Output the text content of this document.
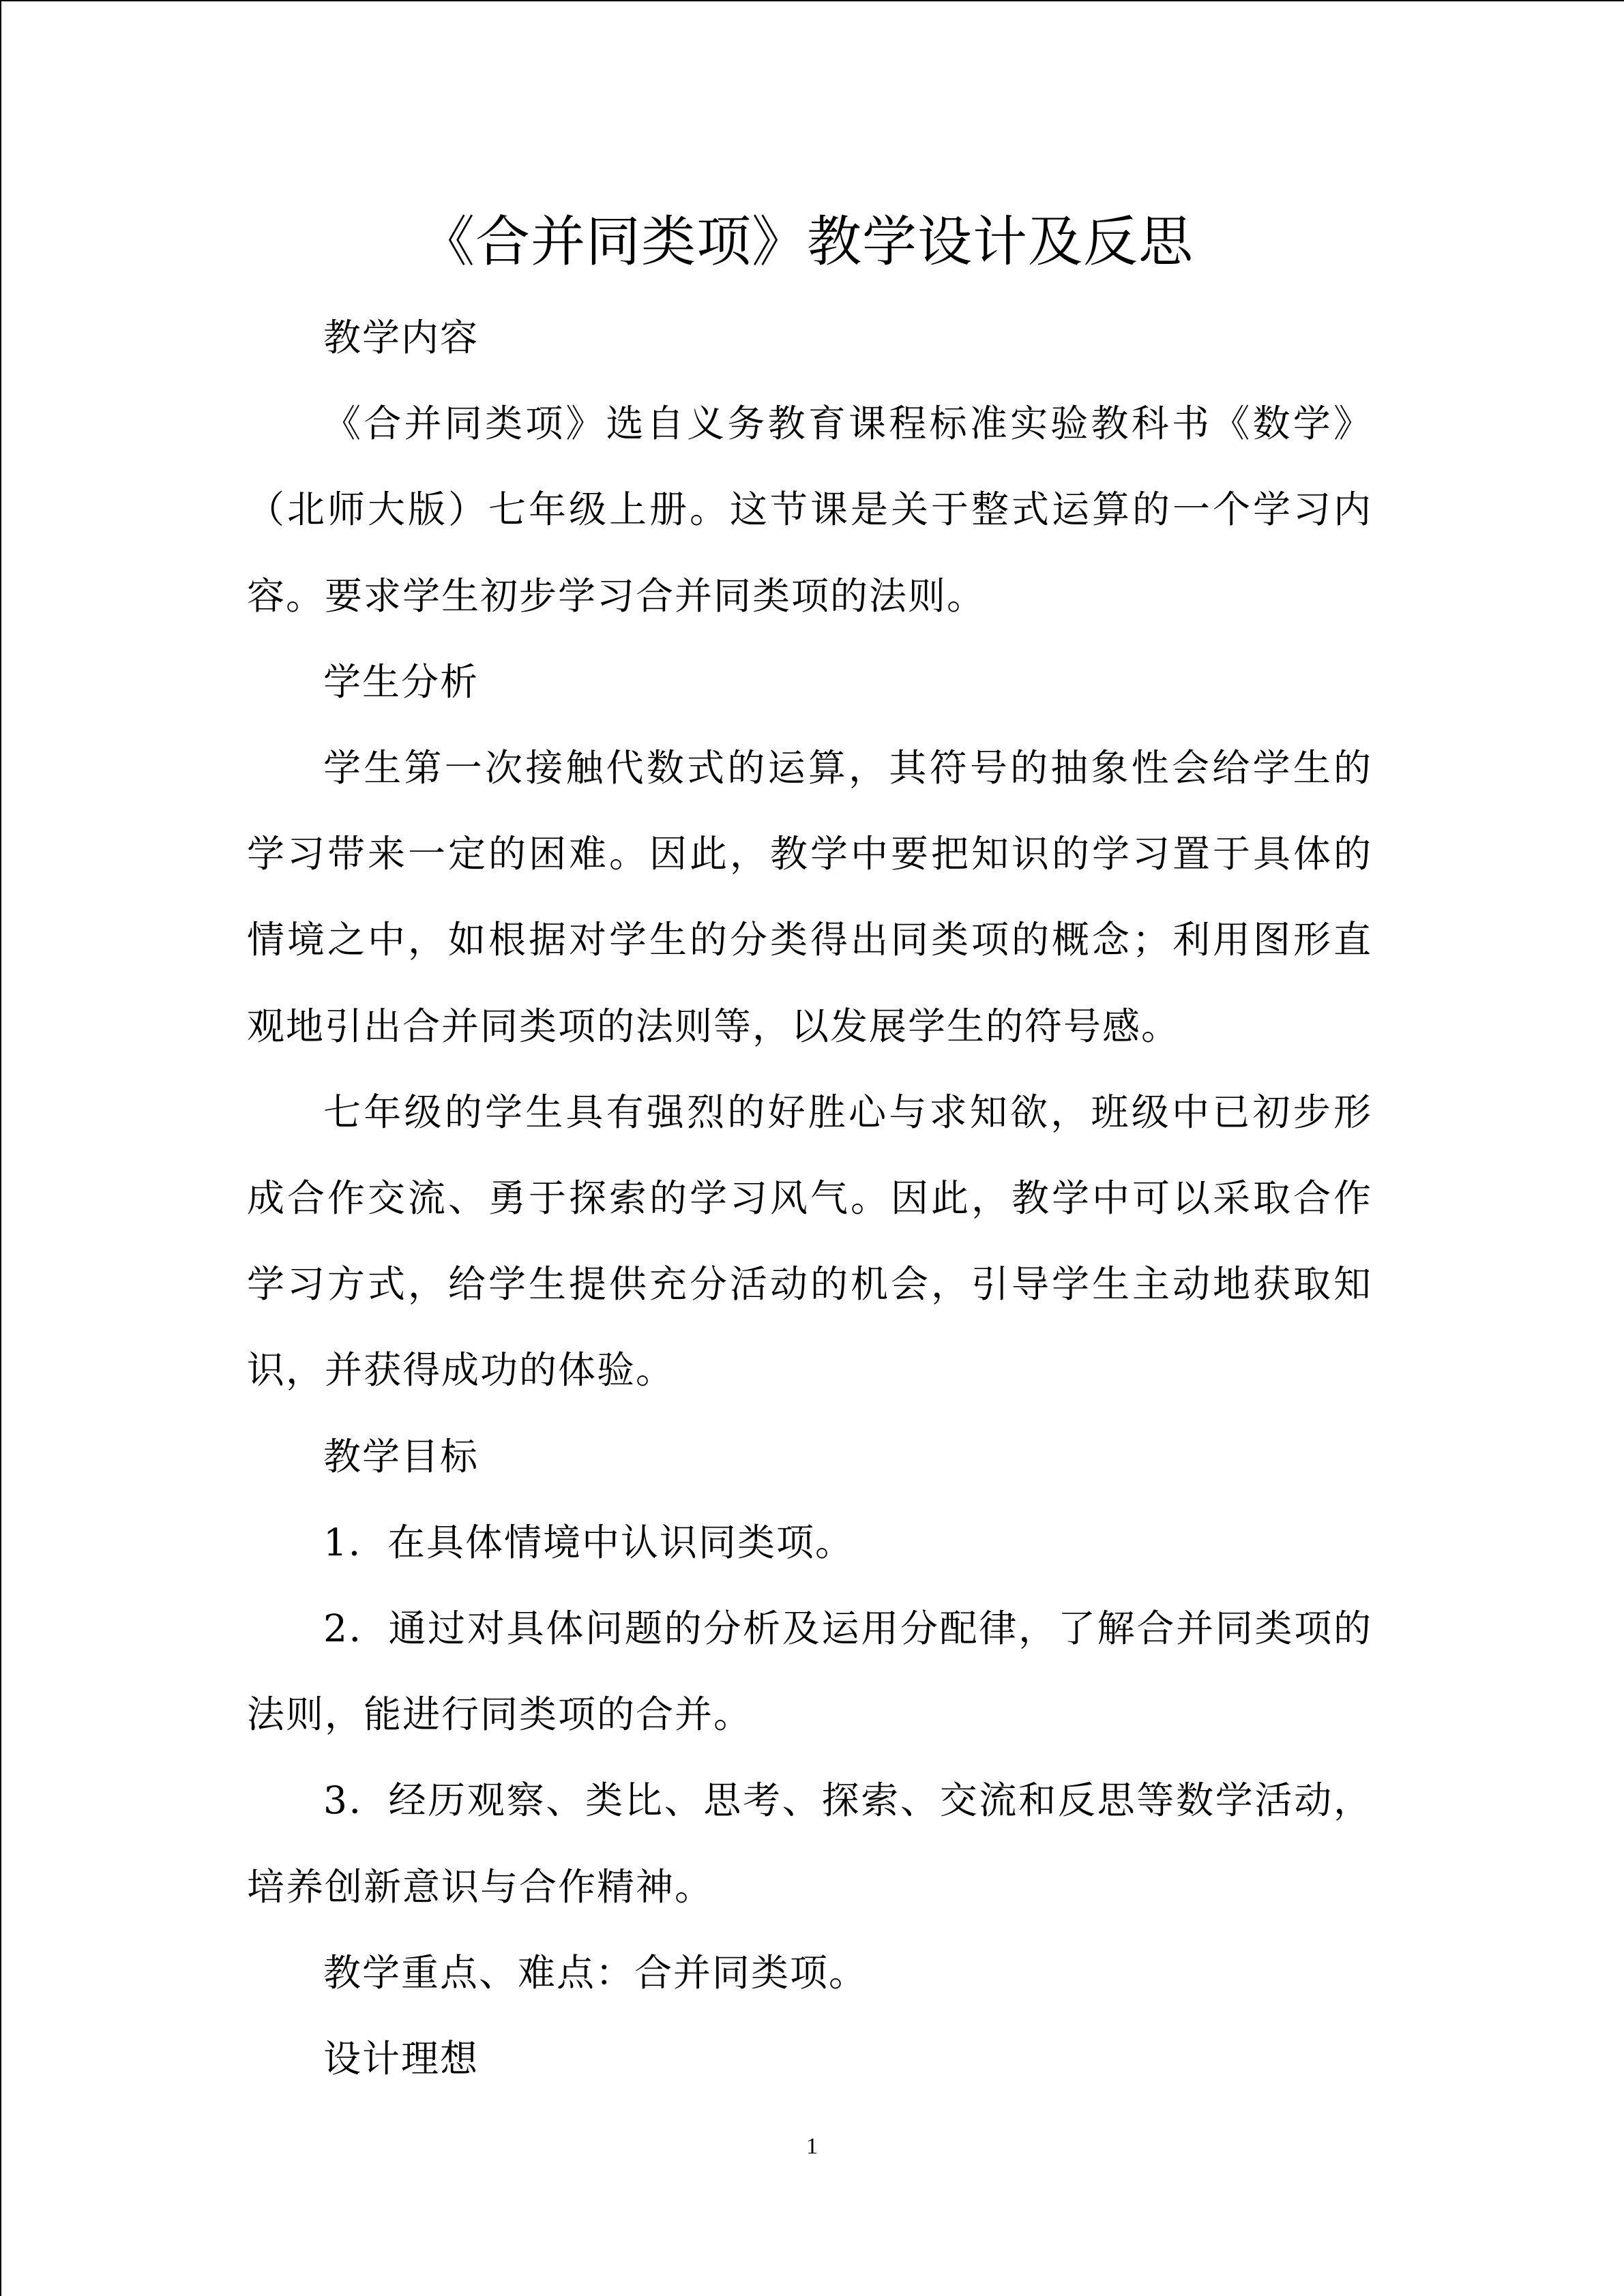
《合并同类项》教学设计及反思

教学内容

《合并同类项》选自义务教育课程标准实验教科书《数学》（北师大版）七年级上册。这节课是关于整式运算的一个学习内容。要求学生初步学习合并同类项的法则。

学生分析

学生第一次接触代数式的运算，其符号的抽象性会给学生的学习带来一定的困难。因此，教学中要把知识的学习置于具体的情境之中，如根据对学生的分类得出同类项的概念；利用图形直观地引出合并同类项的法则等，以发展学生的符号感。

七年级的学生具有强烈的好胜心与求知欲，班级中已初步形成合作交流、勇于探索的学习风气。因此，教学中可以采取合作学习方式，给学生提供充分活动的机会，引导学生主动地获取知识，并获得成功的体验。

教学目标

1．在具体情境中认识同类项。

2．通过对具体问题的分析及运用分配律，了解合并同类项的法则，能进行同类项的合并。

3．经历观察、类比、思考、探索、交流和反思等数学活动，培养创新意识与合作精神。

教学重点、难点：合并同类项。

设计理想

1
